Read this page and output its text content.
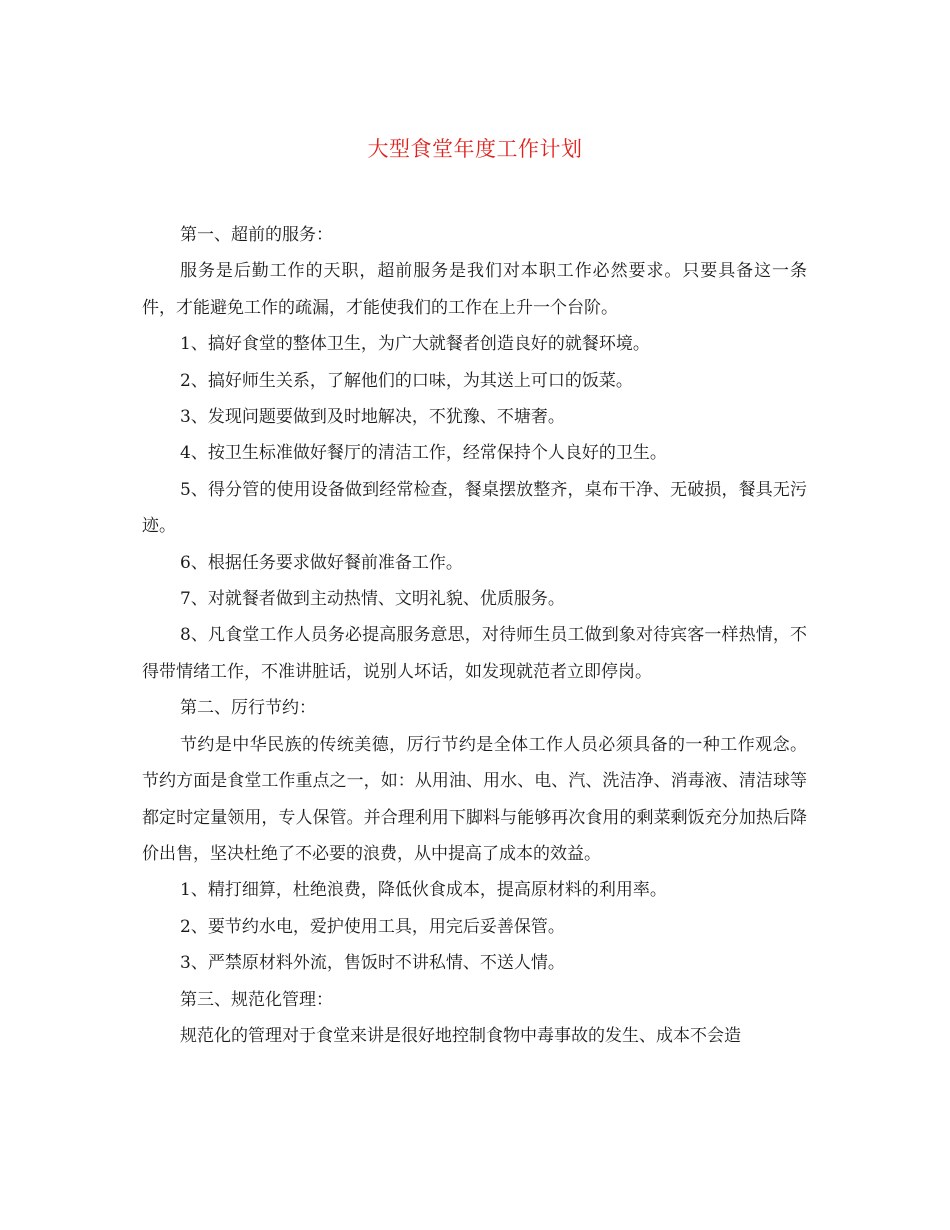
大型食堂年度工作计划

第一、超前的服务：

服务是后勤工作的天职，超前服务是我们对本职工作必然要求。只要具备这一条件，才能避免工作的疏漏，才能使我们的工作在上升一个台阶。

1、搞好食堂的整体卫生，为广大就餐者创造良好的就餐环境。

2、搞好师生关系，了解他们的口味，为其送上可口的饭菜。

3、发现问题要做到及时地解决，不犹豫、不塘奢。

4、按卫生标准做好餐厅的清洁工作，经常保持个人良好的卫生。

5、得分管的使用设备做到经常检查，餐桌摆放整齐，桌布干净、无破损，餐具无污迹。

6、根据任务要求做好餐前准备工作。

7、对就餐者做到主动热情、文明礼貌、优质服务。

8、凡食堂工作人员务必提高服务意思，对待师生员工做到象对待宾客一样热情，不得带情绪工作，不准讲脏话，说别人坏话，如发现就范者立即停岗。

第二、厉行节约：

节约是中华民族的传统美德，厉行节约是全体工作人员必须具备的一种工作观念。节约方面是食堂工作重点之一，如：从用油、用水、电、汽、洗洁净、消毒液、清洁球等都定时定量领用，专人保管。并合理利用下脚料与能够再次食用的剩菜剩饭充分加热后降价出售，坚决杜绝了不必要的浪费，从中提高了成本的效益。

1、精打细算，杜绝浪费，降低伙食成本，提高原材料的利用率。

2、要节约水电，爱护使用工具，用完后妥善保管。

3、严禁原材料外流，售饭时不讲私情、不送人情。

第三、规范化管理：

规范化的管理对于食堂来讲是很好地控制食物中毒事故的发生、成本不会造
